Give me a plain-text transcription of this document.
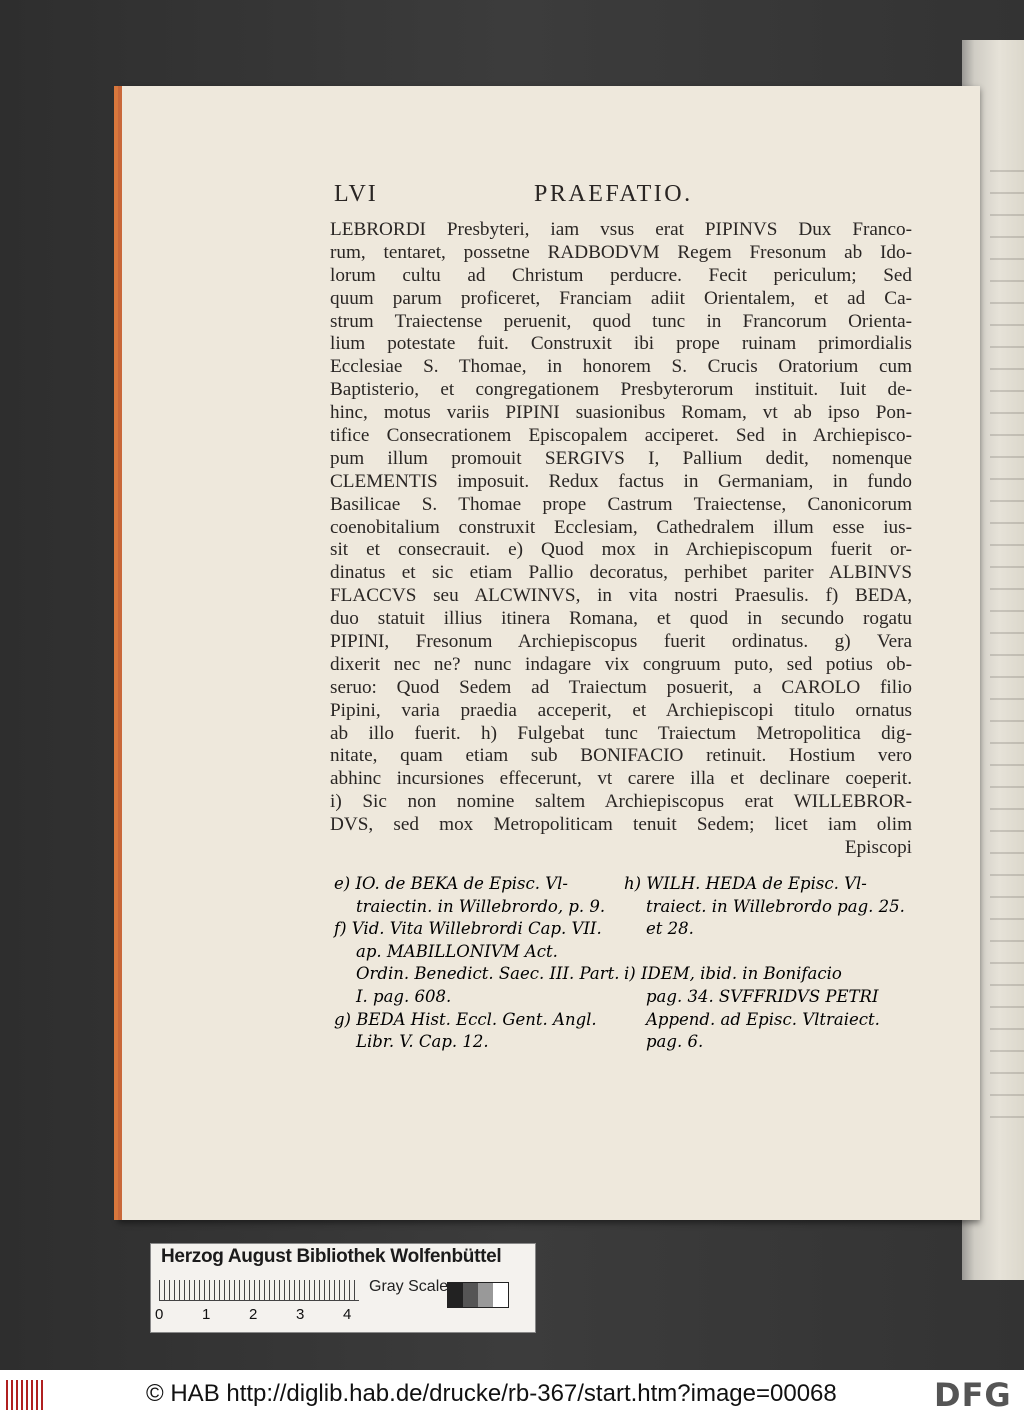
LVI	PRAEFATIO.
LEBRORDI Presbyteri, iam vsus erat PIPINVS Dux Franco-
rum, tentaret, possetne RADBODVM Regem Fresonum ab Ido-
lorum cultu ad Christum perducre. Fecit periculum; Sed
quum parum proficeret, Franciam adiit Orientalem, et ad Ca-
strum Traiectense peruenit, quod tunc in Francorum Orienta-
lium potestate fuit. Construxit ibi prope ruinam primordialis
Ecclesiae S. Thomae, in honorem S. Crucis Oratorium cum
Baptisterio, et congregationem Presbyterorum instituit. Iuit de-
hinc, motus variis PIPINI suasionibus Romam, vt ab ipso Pon-
tifice Consecrationem Episcopalem acciperet. Sed in Archiepisco-
pum illum promouit SERGIVS I, Pallium dedit, nomenque
CLEMENTIS imposuit. Redux factus in Germaniam, in fundo
Basilicae S. Thomae prope Castrum Traiectense, Canonicorum
coenobitalium construxit Ecclesiam, Cathedralem illum esse ius-
sit et consecrauit. e) Quod mox in Archiepiscopum fuerit or-
dinatus et sic etiam Pallio decoratus, perhibet pariter ALBINVS
FLACCVS seu ALCWINVS, in vita nostri Praesulis. f) BEDA,
duo statuit illius itinera Romana, et quod in secundo rogatu
PIPINI, Fresonum Archiepiscopus fuerit ordinatus. g) Vera
dixerit nec ne? nunc indagare vix congruum puto, sed potius ob-
seruo: Quod Sedem ad Traiectum posuerit, a CAROLO filio
Pipini, varia praedia acceperit, et Archiepiscopi titulo ornatus
ab illo fuerit. h) Fulgebat tunc Traiectum Metropolitica dig-
nitate, quam etiam sub BONIFACIO retinuit. Hostium vero
abhinc incursiones effecerunt, vt carere illa et declinare coeperit.
i) Sic non nomine saltem Archiepiscopus erat WILLEBROR-
DVS, sed mox Metropoliticam tenuit Sedem; licet iam olim
Episcopi
e) IO. de BEKA de Episc. Vl-
traiectin. in Willebrordo, p. 9.
f) Vid. Vita Willebrordi Cap. VII.
ap. MABILLONIVM Act.
Ordin. Benedict. Saec. III. Part.
I. pag. 608.
g) BEDA Hist. Eccl. Gent. Angl.
Libr. V. Cap. 12.
h) WILH. HEDA de Episc. Vl-
traiect. in Willebrordo pag. 25.
et 28.

i) IDEM, ibid. in Bonifacio
pag. 34. SVFFRIDVS PETRI
Append. ad Episc. Vltraiect.
pag. 6.
Herzog August Bibliothek Wolfenbüttel
0	1	2	3	4
Gray Scale
© HAB http://diglib.hab.de/drucke/rb-367/start.htm?image=00068	DFG
